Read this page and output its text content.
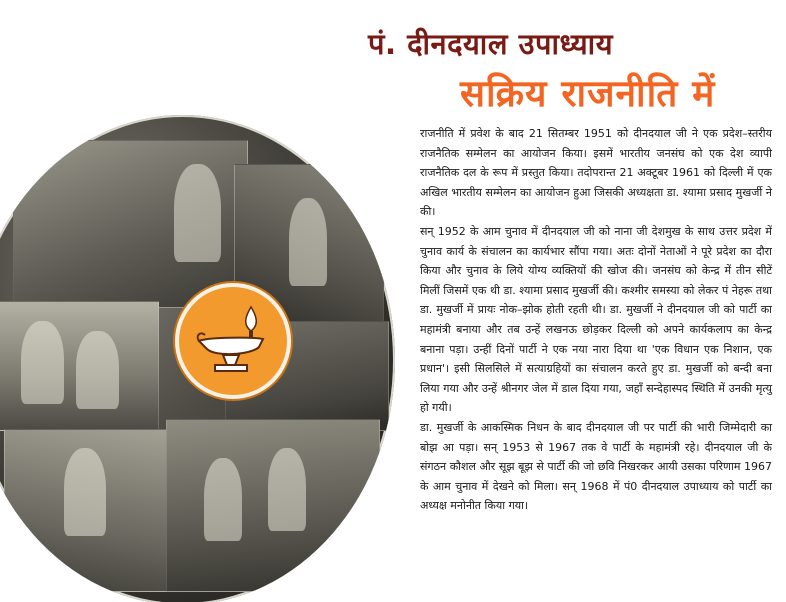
पं. दीनदयाल उपाध्याय
सक्रिय राजनीति में

राजनीति में प्रवेश के बाद 21 सितम्बर 1951 को दीनदयाल जी ने एक प्रदेश–स्तरीय राजनैतिक सम्मेलन का आयोजन किया। इसमें भारतीय जनसंघ को एक देश व्यापी राजनैतिक दल के रूप में प्रस्तुत किया। तदोपरान्त 21 अक्टूबर 1961 को दिल्ली में एक अखिल भारतीय सम्मेलन का आयोजन हुआ जिसकी अध्यक्षता डा. श्यामा प्रसाद मुखर्जी ने की।

सन् 1952 के आम चुनाव में दीनदयाल जी को नाना जी देशमुख के साथ उत्तर प्रदेश में चुनाव कार्य के संचालन का कार्यभार सौंपा गया। अतः दोनों नेताओं ने पूरे प्रदेश का दौरा किया और चुनाव के लिये योग्य व्यक्तियों की खोज की। जनसंघ को केन्द्र में तीन सीटें मिलीं जिसमें एक थी डा. श्यामा प्रसाद मुखर्जी की। कश्मीर समस्या को लेकर पं नेहरू तथा डा. मुखर्जी में प्रायः नोक–झोक होती रहती थी। डा. मुखर्जी ने दीनदयाल जी को पार्टी का महामंत्री बनाया और तब उन्हें लखनऊ छोड़कर दिल्ली को अपने कार्यकलाप का केन्द्र बनाना पड़ा। उन्हीं दिनों पार्टी ने एक नया नारा दिया था 'एक विधान एक निशान, एक प्रधान'। इसी सिलसिले में सत्याग्रहियों का संचालन करते हुए डा. मुखर्जी को बन्दी बना लिया गया और उन्हें श्रीनगर जेल में डाल दिया गया, जहाँ सन्देहास्पद स्थिति में उनकी मृत्यु हो गयी।

डा. मुखर्जी के आकस्मिक निधन के बाद दीनदयाल जी पर पार्टी की भारी जिम्मेदारी का बोझ आ पड़ा। सन् 1953 से 1967 तक वे पार्टी के महामंत्री रहे। दीनदयाल जी के संगठन कौशल और सूझ बूझ से पार्टी की जो छवि निखरकर आयी उसका परिणाम 1967 के आम चुनाव में देखने को मिला। सन् 1968 में पं0 दीनदयाल उपाध्याय को पार्टी का अध्यक्ष मनोनीत किया गया।
